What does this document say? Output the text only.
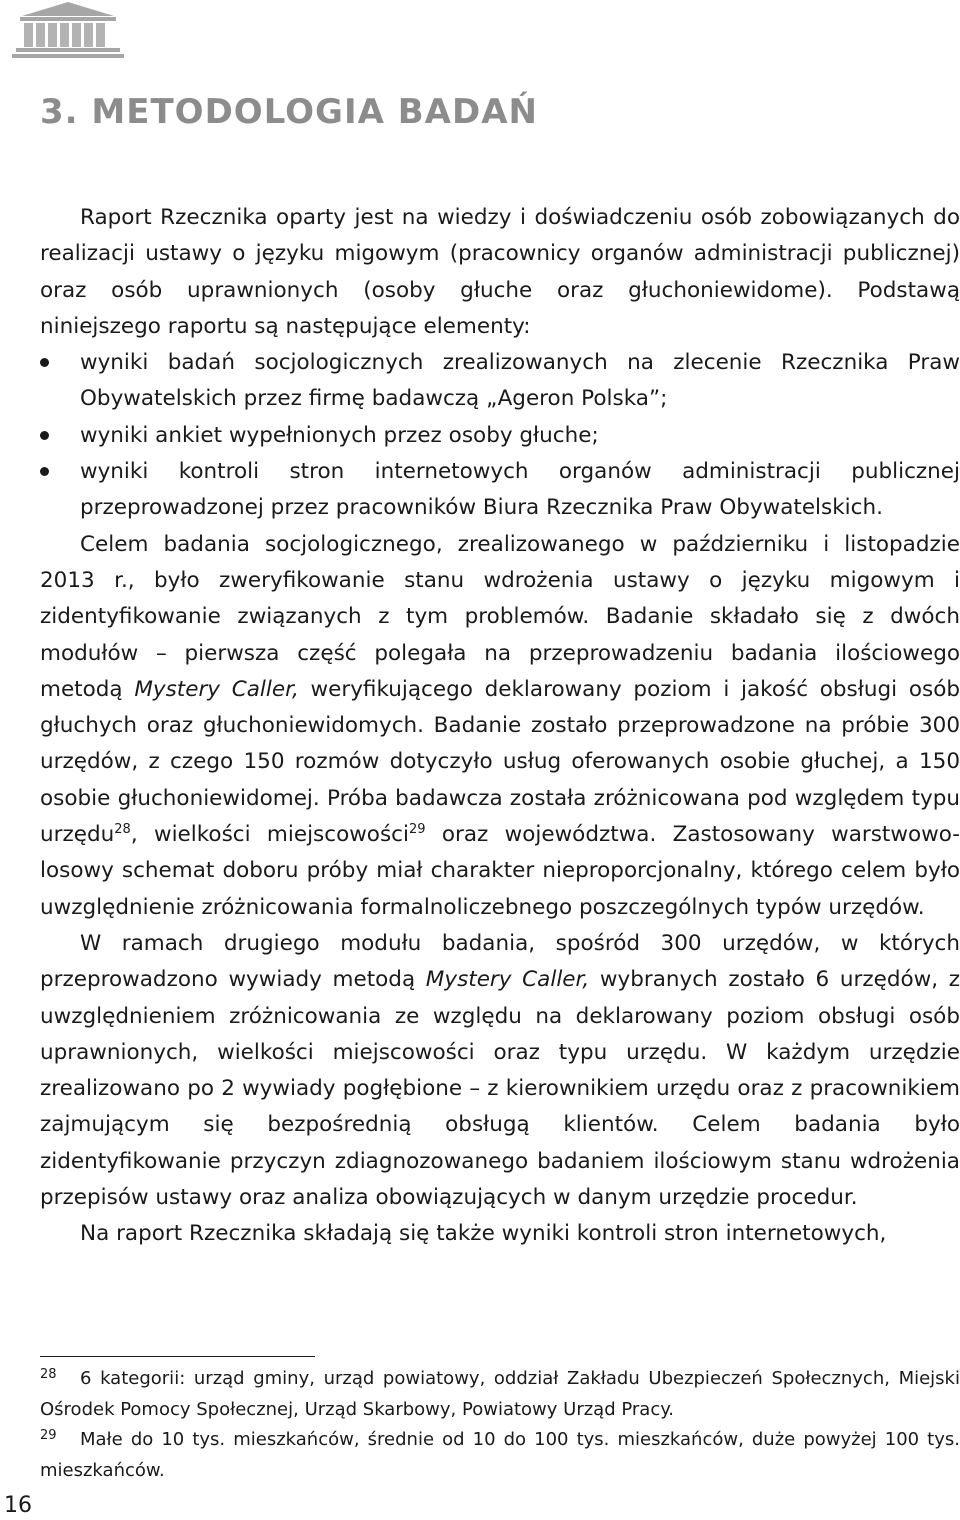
3. METODOLOGIA BADAŃ

Raport Rzecznika oparty jest na wiedzy i doświadczeniu osób zobowiązanych do realizacji ustawy o języku migowym (pracownicy organów administracji publicznej) oraz osób uprawnionych (osoby głuche oraz głuchoniewidome). Podstawą niniejszego raportu są następujące elementy:

wyniki badań socjologicznych zrealizowanych na zlecenie Rzecznika Praw Obywatelskich przez firmę badawczą „Ageron Polska”;
wyniki ankiet wypełnionych przez osoby głuche;
wyniki kontroli stron internetowych organów administracji publicznej przeprowadzonej przez pracowników Biura Rzecznika Praw Obywatelskich.

Celem badania socjologicznego, zrealizowanego w październiku i listopadzie 2013 r., było zweryfikowanie stanu wdrożenia ustawy o języku migowym i zidentyfikowanie związanych z tym problemów. Badanie składało się z dwóch modułów – pierwsza część polegała na przeprowadzeniu badania ilościowego metodą Mystery Caller, weryfikującego deklarowany poziom i jakość obsługi osób głuchych oraz głuchoniewidomych. Badanie zostało przeprowadzone na próbie 300 urzędów, z czego 150 rozmów dotyczyło usług oferowanych osobie głuchej, a 150 osobie głuchoniewidomej. Próba badawcza została zróżnicowana pod względem typu urzędu$^{28}$, wielkości miejscowości$^{29}$ oraz województwa. Zastosowany warstwowo-losowy schemat doboru próby miał charakter nieproporcjonalny, którego celem było uwzględnienie zróżnicowania formalnoliczebnego poszczególnych typów urzędów.

W ramach drugiego modułu badania, spośród 300 urzędów, w których przeprowadzono wywiady metodą Mystery Caller, wybranych zostało 6 urzędów, z uwzględnieniem zróżnicowania ze względu na deklarowany poziom obsługi osób uprawnionych, wielkości miejscowości oraz typu urzędu. W każdym urzędzie zrealizowano po 2 wywiady pogłębione – z kierownikiem urzędu oraz z pracownikiem zajmującym się bezpośrednią obsługą klientów. Celem badania było zidentyfikowanie przyczyn zdiagnozowanego badaniem ilościowym stanu wdrożenia przepisów ustawy oraz analiza obowiązujących w danym urzędzie procedur.

Na raport Rzecznika składają się także wyniki kontroli stron internetowych,

28 6 kategorii: urząd gminy, urząd powiatowy, oddział Zakładu Ubezpieczeń Społecznych, Miejski Ośrodek Pomocy Społecznej, Urząd Skarbowy, Powiatowy Urząd Pracy.

29 Małe do 10 tys. mieszkańców, średnie od 10 do 100 tys. mieszkańców, duże powyżej 100 tys. mieszkańców.

16
